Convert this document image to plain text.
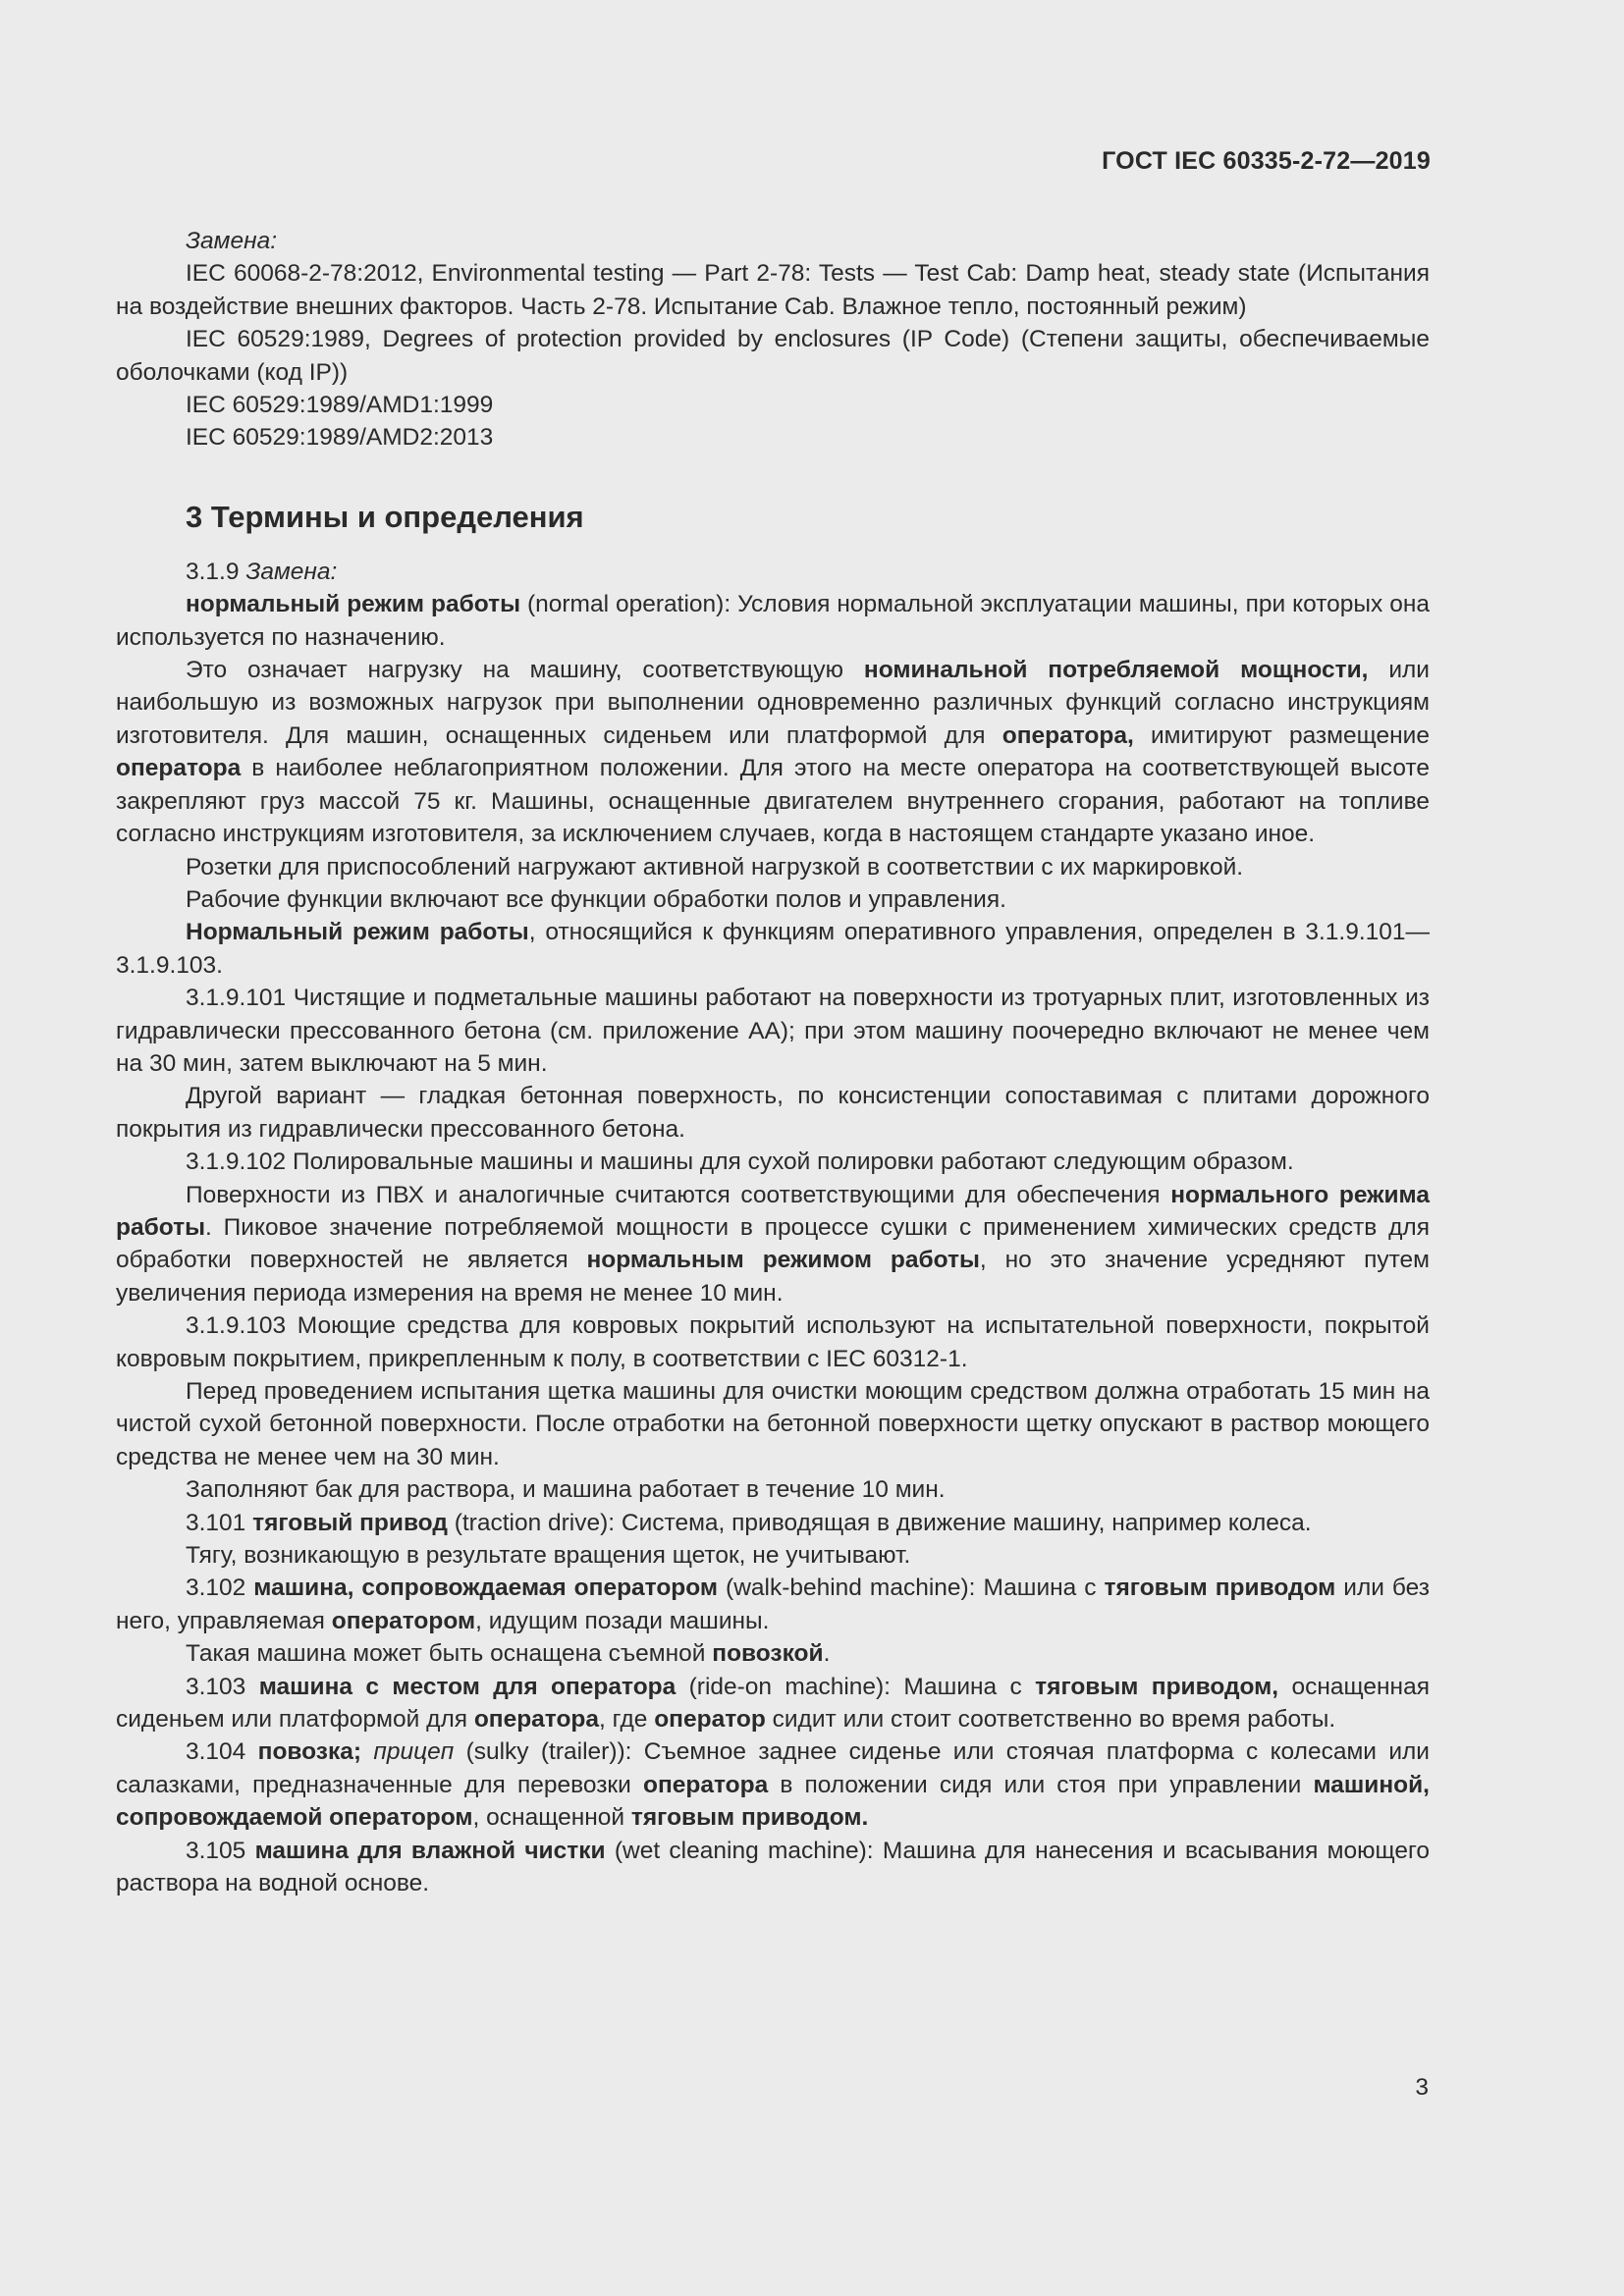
ГОСТ IEC 60335-2-72—2019

Замена:

IEC 60068-2-78:2012, Environmental testing — Part 2-78: Tests — Test Cab: Damp heat, steady state (Испытания на воздействие внешних факторов. Часть 2-78. Испытание Cab. Влажное тепло, постоянный режим)

IEC 60529:1989, Degrees of protection provided by enclosures (IP Code) (Степени защиты, обеспечиваемые оболочками (код IP))

IEC 60529:1989/AMD1:1999

IEC 60529:1989/AMD2:2013

3 Термины и определения

3.1.9 Замена:

нормальный режим работы (normal operation): Условия нормальной эксплуатации машины, при которых она используется по назначению.

Это означает нагрузку на машину, соответствующую номинальной потребляемой мощности, или наибольшую из возможных нагрузок при выполнении одновременно различных функций согласно инструкциям изготовителя. Для машин, оснащенных сиденьем или платформой для оператора, имитируют размещение оператора в наиболее неблагоприятном положении. Для этого на месте оператора на соответствующей высоте закрепляют груз массой 75 кг. Машины, оснащенные двигателем внутреннего сгорания, работают на топливе согласно инструкциям изготовителя, за исключением случаев, когда в настоящем стандарте указано иное.

Розетки для приспособлений нагружают активной нагрузкой в соответствии с их маркировкой.

Рабочие функции включают все функции обработки полов и управления.

Нормальный режим работы, относящийся к функциям оперативного управления, определен в 3.1.9.101—3.1.9.103.

3.1.9.101 Чистящие и подметальные машины работают на поверхности из тротуарных плит, изготовленных из гидравлически прессованного бетона (см. приложение АА); при этом машину поочередно включают не менее чем на 30 мин, затем выключают на 5 мин.

Другой вариант — гладкая бетонная поверхность, по консистенции сопоставимая с плитами дорожного покрытия из гидравлически прессованного бетона.

3.1.9.102 Полировальные машины и машины для сухой полировки работают следующим образом.

Поверхности из ПВХ и аналогичные считаются соответствующими для обеспечения нормального режима работы. Пиковое значение потребляемой мощности в процессе сушки с применением химических средств для обработки поверхностей не является нормальным режимом работы, но это значение усредняют путем увеличения периода измерения на время не менее 10 мин.

3.1.9.103 Моющие средства для ковровых покрытий используют на испытательной поверхности, покрытой ковровым покрытием, прикрепленным к полу, в соответствии с IEC 60312-1.

Перед проведением испытания щетка машины для очистки моющим средством должна отработать 15 мин на чистой сухой бетонной поверхности. После отработки на бетонной поверхности щетку опускают в раствор моющего средства не менее чем на 30 мин.

Заполняют бак для раствора, и машина работает в течение 10 мин.

3.101 тяговый привод (traction drive): Система, приводящая в движение машину, например колеса.

Тягу, возникающую в результате вращения щеток, не учитывают.

3.102 машина, сопровождаемая оператором (walk-behind machine): Машина с тяговым приводом или без него, управляемая оператором, идущим позади машины.

Такая машина может быть оснащена съемной повозкой.

3.103 машина с местом для оператора (ride-on machine): Машина с тяговым приводом, оснащенная сиденьем или платформой для оператора, где оператор сидит или стоит соответственно во время работы.

3.104 повозка; прицеп (sulky (trailer)): Съемное заднее сиденье или стоячая платформа с колесами или салазками, предназначенные для перевозки оператора в положении сидя или стоя при управлении машиной, сопровождаемой оператором, оснащенной тяговым приводом.

3.105 машина для влажной чистки (wet cleaning machine): Машина для нанесения и всасывания моющего раствора на водной основе.

3
